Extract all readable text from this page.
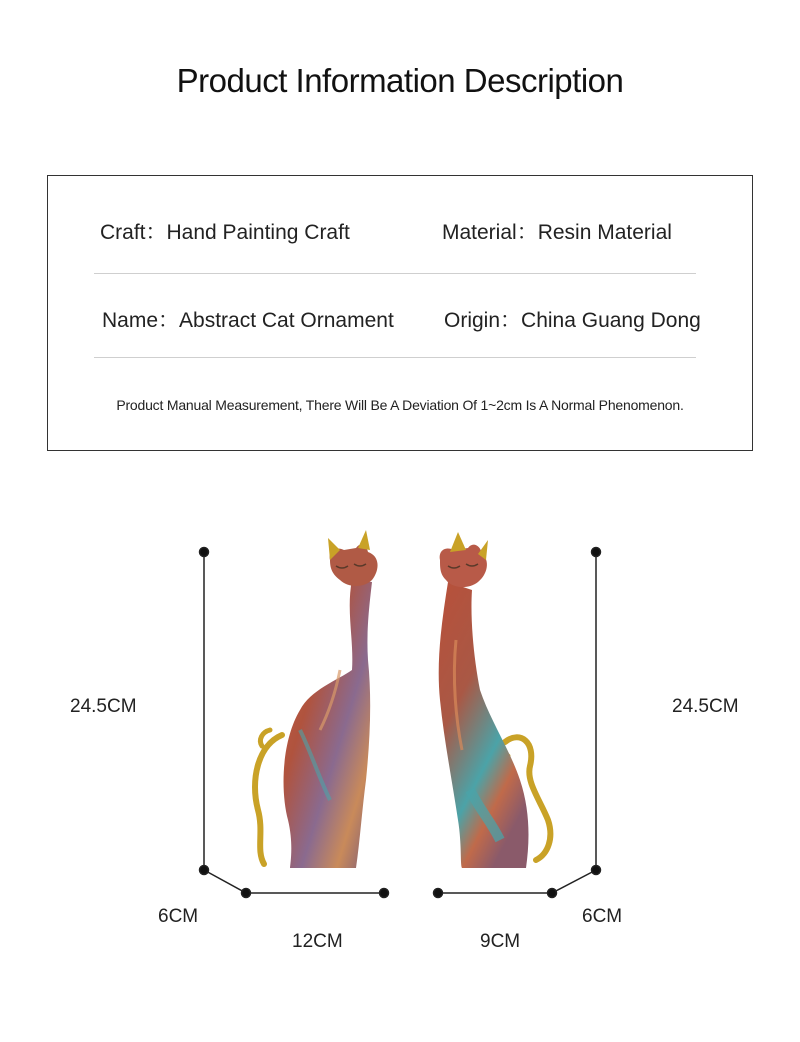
Product Information Description
Craft：Hand Painting Craft	Material：Resin Material
Name：Abstract Cat Ornament Origin：China Guang Dong
Product Manual Measurement, There Will Be A Deviation Of 1~2cm Is A Normal Phenomenon.
24.5CM	24.5CM
6CM
12CM	9CM
6CM
